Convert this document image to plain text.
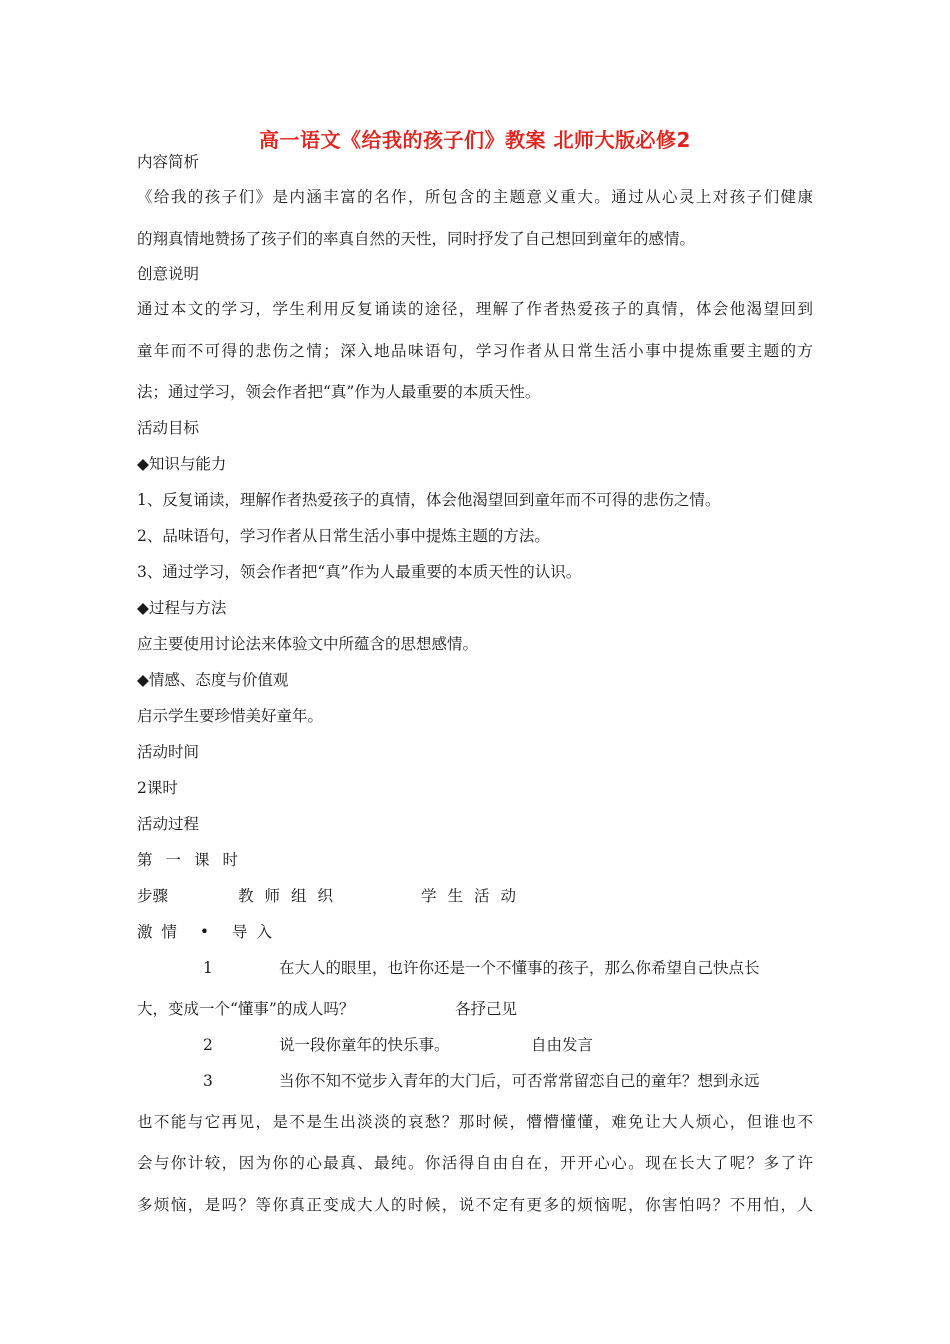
高一语文《给我的孩子们》教案 北师大版必修2
内容简析
《给我的孩子们》是内涵丰富的名作，所包含的主题意义重大。通过从心灵上对孩子们健康
的翔真情地赞扬了孩子们的率真自然的天性，同时抒发了自己想回到童年的感情。
创意说明
通过本文的学习，学生利用反复诵读的途径，理解了作者热爱孩子的真情，体会他渴望回到
童年而不可得的悲伤之情；深入地品味语句，学习作者从日常生活小事中提炼重要主题的方
法；通过学习，领会作者把“真”作为人最重要的本质天性。
活动目标
◆知识与能力
1、反复诵读，理解作者热爱孩子的真情，体会他渴望回到童年而不可得的悲伤之情。
2、品味语句，学习作者从日常生活小事中提炼主题的方法。
3、通过学习，领会作者把“真”作为人最重要的本质天性的认识。
◆过程与方法
应主要使用讨论法来体验文中所蕴含的思想感情。
◆情感、态度与价值观
启示学生要珍惜美好童年。
活动时间
2课时
活动过程
第一课时
步骤	教师组织	学生活动
激情 • 导入
1	在大人的眼里，也许你还是一个不懂事的孩子，那么你希望自己快点长
大，变成一个“懂事”的成人吗？	各抒己见
2	说一段你童年的快乐事。	自由发言
3	当你不知不觉步入青年的大门后，可否常常留恋自己的童年？想到永远
也不能与它再见，是不是生出淡淡的哀愁？那时候，懵懵懂懂，难免让大人烦心，但谁也不
会与你计较，因为你的心最真、最纯。你活得自由自在，开开心心。现在长大了呢？多了许
多烦恼，是吗？等你真正变成大人的时候，说不定有更多的烦恼呢，你害怕吗？不用怕，人
